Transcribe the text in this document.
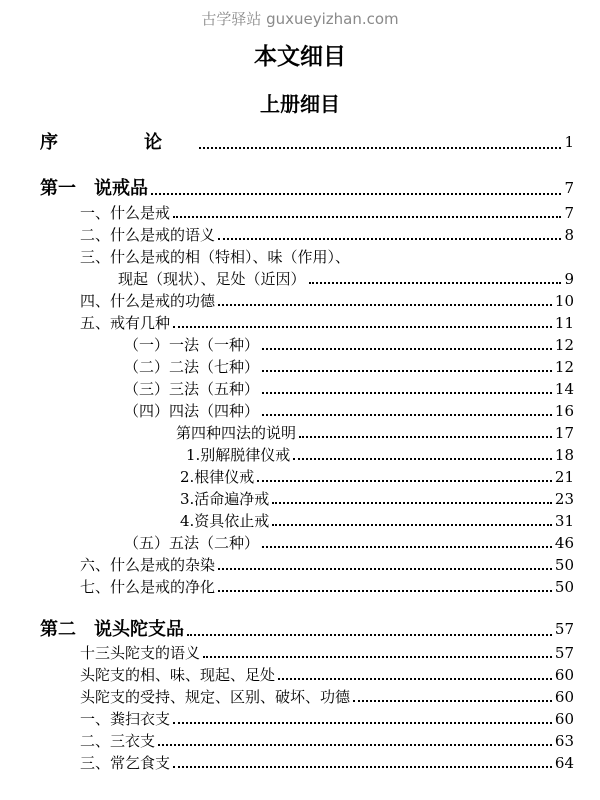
古学驿站 guxueyizhan.com
本文细目
上册细目
序　论	1
第一　说戒品	7
一、什么是戒	7
二、什么是戒的语义	8
三、什么是戒的相（特相）、味（作用）、
现起（现状）、足处（近因）	9
四、什么是戒的功德	10
五、戒有几种	11
（一）一法（一种）	12
（二）二法（七种）	12
（三）三法（五种）	14
（四）四法（四种）	16
第四种四法的说明	17
1.别解脱律仪戒	18
2.根律仪戒	21
3.活命遍净戒	23
4.资具依止戒	31
（五）五法（二种）	46
六、什么是戒的杂染	50
七、什么是戒的净化	50
第二　说头陀支品	57
十三头陀支的语义	57
头陀支的相、味、现起、足处	60
头陀支的受持、规定、区别、破坏、功德	60
一、粪扫衣支	60
二、三衣支	63
三、常乞食支	64
